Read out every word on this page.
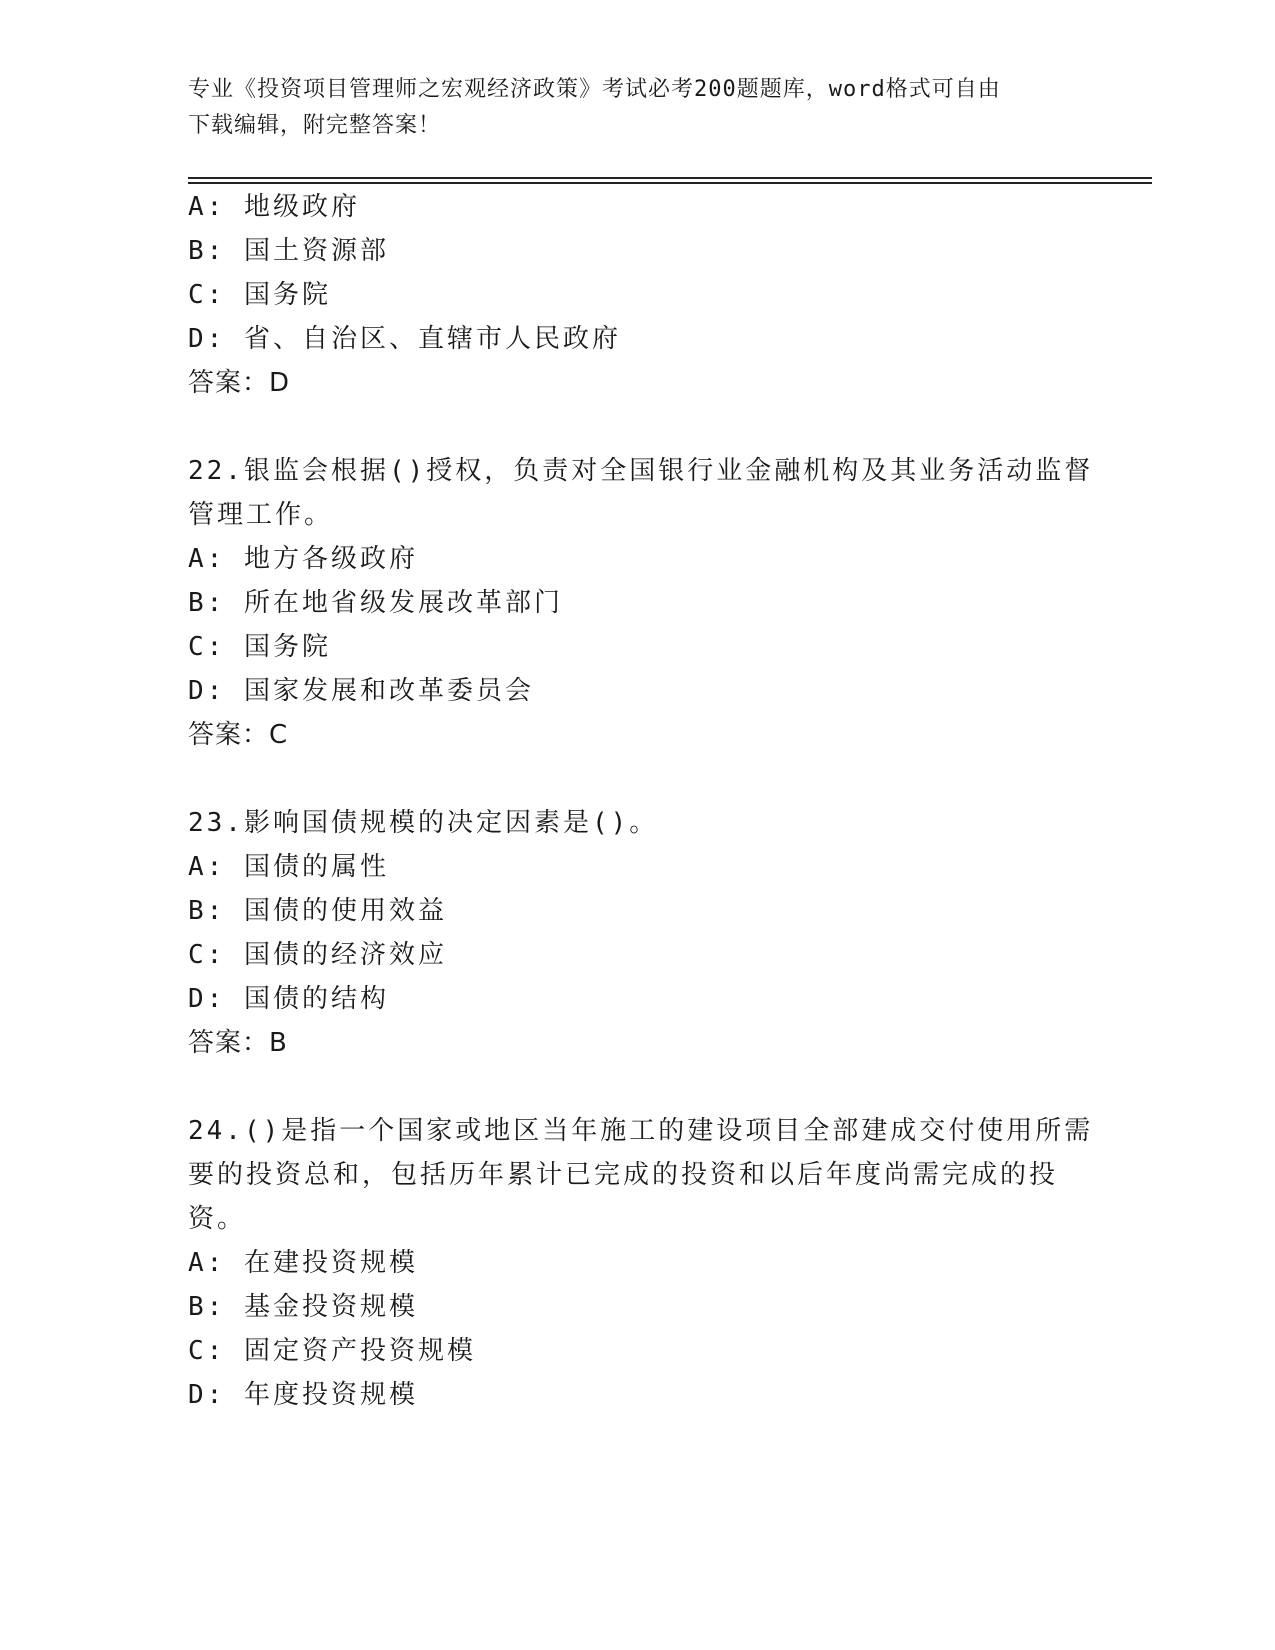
专业《投资项目管理师之宏观经济政策》考试必考200题题库，word格式可自由
下载编辑，附完整答案！
A: 地级政府
B: 国土资源部
C: 国务院
D: 省、自治区、直辖市人民政府
答案：D
22.银监会根据()授权，负责对全国银行业金融机构及其业务活动监督
管理工作。
A: 地方各级政府
B: 所在地省级发展改革部门
C: 国务院
D: 国家发展和改革委员会
答案：C
23.影响国债规模的决定因素是()。
A: 国债的属性
B: 国债的使用效益
C: 国债的经济效应
D: 国债的结构
答案：B
24.()是指一个国家或地区当年施工的建设项目全部建成交付使用所需
要的投资总和，包括历年累计已完成的投资和以后年度尚需完成的投
资。
A: 在建投资规模
B: 基金投资规模
C: 固定资产投资规模
D: 年度投资规模
